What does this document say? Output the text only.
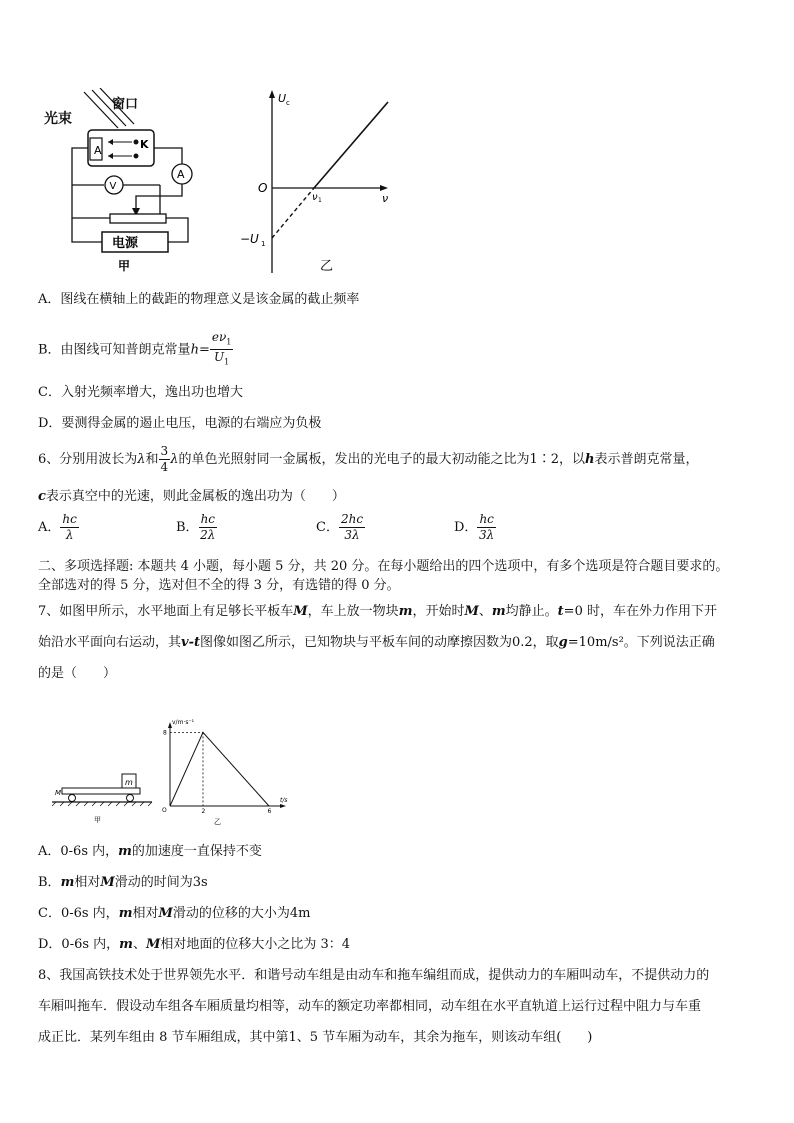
A	K
A
V
电源
甲
光束
窗口	U c
ν
O
ν 1
−U 1
乙
A．图线在横轴上的截距的物理意义是该金属的截止频率
B．由图线可知普朗克常量$h= \frac{e\nu_1}{U_1}$
C．入射光频率增大，逸出功也增大
D．要测得金属的遏止电压，电源的右端应为负极
6、分别用波长为λ和 $\frac{3}{4}$ λ的单色光照射同一金属板，发出的光电子的最大初动能之比为1∶2，以h表示普朗克常量，
c表示真空中的光速，则此金属板的逸出功为（　　）
A． $\frac{hc}{\lambda}$	B． $\frac{hc}{2\lambda}$	C． $\frac{2hc}{3\lambda}$	D． $\frac{hc}{3\lambda}$
二、多项选择题: 本题共 4 小题，每小题 5 分，共 20 分。在每小题给出的四个选项中，有多个选项是符合题目要求的。
全部选对的得 5 分，选对但不全的得 3 分，有选错的得 0 分。
7、如图甲所示，水平地面上有足够长平板车M，车上放一物块m，开始时M、m均静止。t=0 时，车在外力作用下开
始沿水平面向右运动，其v-t图像如图乙所示，已知物块与平板车间的动摩擦因数为0.2，取g=10m/s²。下列说法正确
的是（　　）
m
M
甲
v/m·s⁻¹
t/s
O
8
2	6
乙
A．0-6s 内，m的加速度一直保持不变
B．m相对M滑动的时间为3s
C．0-6s 内，m相对M滑动的位移的大小为4m
D．0-6s 内，m、M相对地面的位移大小之比为 3：4
8、我国高铁技术处于世界领先水平．和谐号动车组是由动车和拖车编组而成，提供动力的车厢叫动车，不提供动力的
车厢叫拖车．假设动车组各车厢质量均相等，动车的额定功率都相同，动车组在水平直轨道上运行过程中阻力与车重
成正比．某列车组由 8 节车厢组成，其中第1、5 节车厢为动车，其余为拖车，则该动车组(　　)
